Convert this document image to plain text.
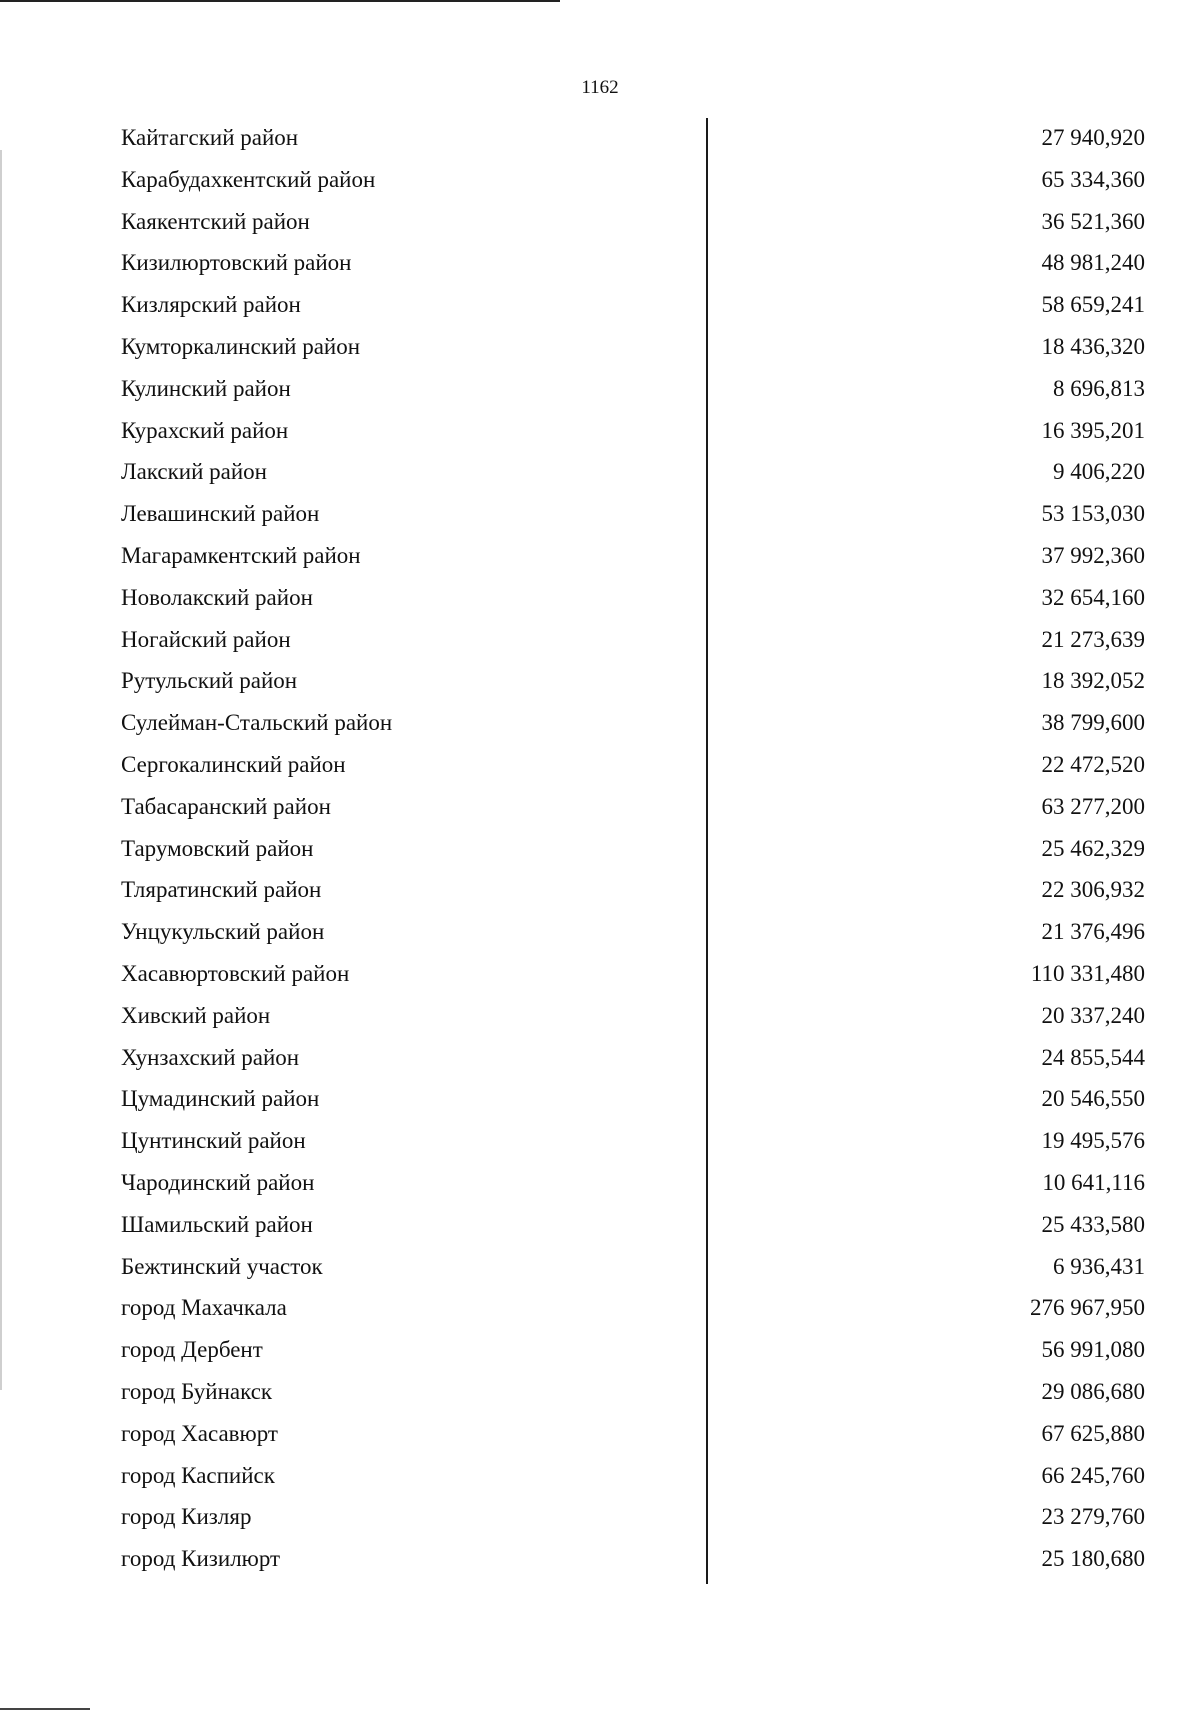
1162
Кайтагский район	27 940,920
Карабудахкентский район	65 334,360
Каякентский район	36 521,360
Кизилюртовский район	48 981,240
Кизлярский район	58 659,241
Кумторкалинский район	18 436,320
Кулинский район	8 696,813
Курахский район	16 395,201
Лакский район	9 406,220
Левашинский район	53 153,030
Магарамкентский район	37 992,360
Новолакский район	32 654,160
Ногайский район	21 273,639
Рутульский район	18 392,052
Сулейман-Стальский район	38 799,600
Сергокалинский район	22 472,520
Табасаранский район	63 277,200
Тарумовский район	25 462,329
Тляратинский район	22 306,932
Унцукульский район	21 376,496
Хасавюртовский район	110 331,480
Хивский район	20 337,240
Хунзахский район	24 855,544
Цумадинский район	20 546,550
Цунтинский район	19 495,576
Чародинский район	10 641,116
Шамильский район	25 433,580
Бежтинский участок	6 936,431
город Махачкала	276 967,950
город Дербент	56 991,080
город Буйнакск	29 086,680
город Хасавюрт	67 625,880
город Каспийск	66 245,760
город Кизляр	23 279,760
город Кизилюрт	25 180,680
